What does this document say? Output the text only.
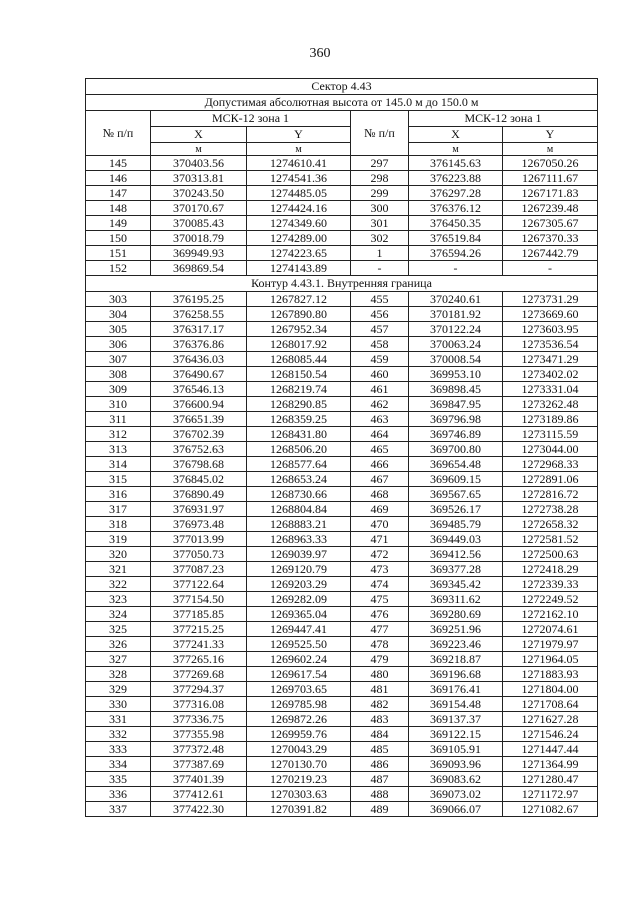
360
Сектор 4.43					
Допустимая абсолютная высота от 145.0 м до 150.0 м					
№ п/п	МСК-12 зона 1		№ п/п	МСК-12 зона 1	
	X	Y		X	Y
	м	м		м	м
145	370403.56	1274610.41	297	376145.63	1267050.26
146	370313.81	1274541.36	298	376223.88	1267111.67
147	370243.50	1274485.05	299	376297.28	1267171.83
148	370170.67	1274424.16	300	376376.12	1267239.48
149	370085.43	1274349.60	301	376450.35	1267305.67
150	370018.79	1274289.00	302	376519.84	1267370.33
151	369949.93	1274223.65	1	376594.26	1267442.79
152	369869.54	1274143.89	-	-	-
Контур 4.43.1. Внутренняя граница					
303	376195.25	1267827.12	455	370240.61	1273731.29
304	376258.55	1267890.80	456	370181.92	1273669.60
305	376317.17	1267952.34	457	370122.24	1273603.95
306	376376.86	1268017.92	458	370063.24	1273536.54
307	376436.03	1268085.44	459	370008.54	1273471.29
308	376490.67	1268150.54	460	369953.10	1273402.02
309	376546.13	1268219.74	461	369898.45	1273331.04
310	376600.94	1268290.85	462	369847.95	1273262.48
311	376651.39	1268359.25	463	369796.98	1273189.86
312	376702.39	1268431.80	464	369746.89	1273115.59
313	376752.63	1268506.20	465	369700.80	1273044.00
314	376798.68	1268577.64	466	369654.48	1272968.33
315	376845.02	1268653.24	467	369609.15	1272891.06
316	376890.49	1268730.66	468	369567.65	1272816.72
317	376931.97	1268804.84	469	369526.17	1272738.28
318	376973.48	1268883.21	470	369485.79	1272658.32
319	377013.99	1268963.33	471	369449.03	1272581.52
320	377050.73	1269039.97	472	369412.56	1272500.63
321	377087.23	1269120.79	473	369377.28	1272418.29
322	377122.64	1269203.29	474	369345.42	1272339.33
323	377154.50	1269282.09	475	369311.62	1272249.52
324	377185.85	1269365.04	476	369280.69	1272162.10
325	377215.25	1269447.41	477	369251.96	1272074.61
326	377241.33	1269525.50	478	369223.46	1271979.97
327	377265.16	1269602.24	479	369218.87	1271964.05
328	377269.68	1269617.54	480	369196.68	1271883.93
329	377294.37	1269703.65	481	369176.41	1271804.00
330	377316.08	1269785.98	482	369154.48	1271708.64
331	377336.75	1269872.26	483	369137.37	1271627.28
332	377355.98	1269959.76	484	369122.15	1271546.24
333	377372.48	1270043.29	485	369105.91	1271447.44
334	377387.69	1270130.70	486	369093.96	1271364.99
335	377401.39	1270219.23	487	369083.62	1271280.47
336	377412.61	1270303.63	488	369073.02	1271172.97
337	377422.30	1270391.82	489	369066.07	1271082.67
